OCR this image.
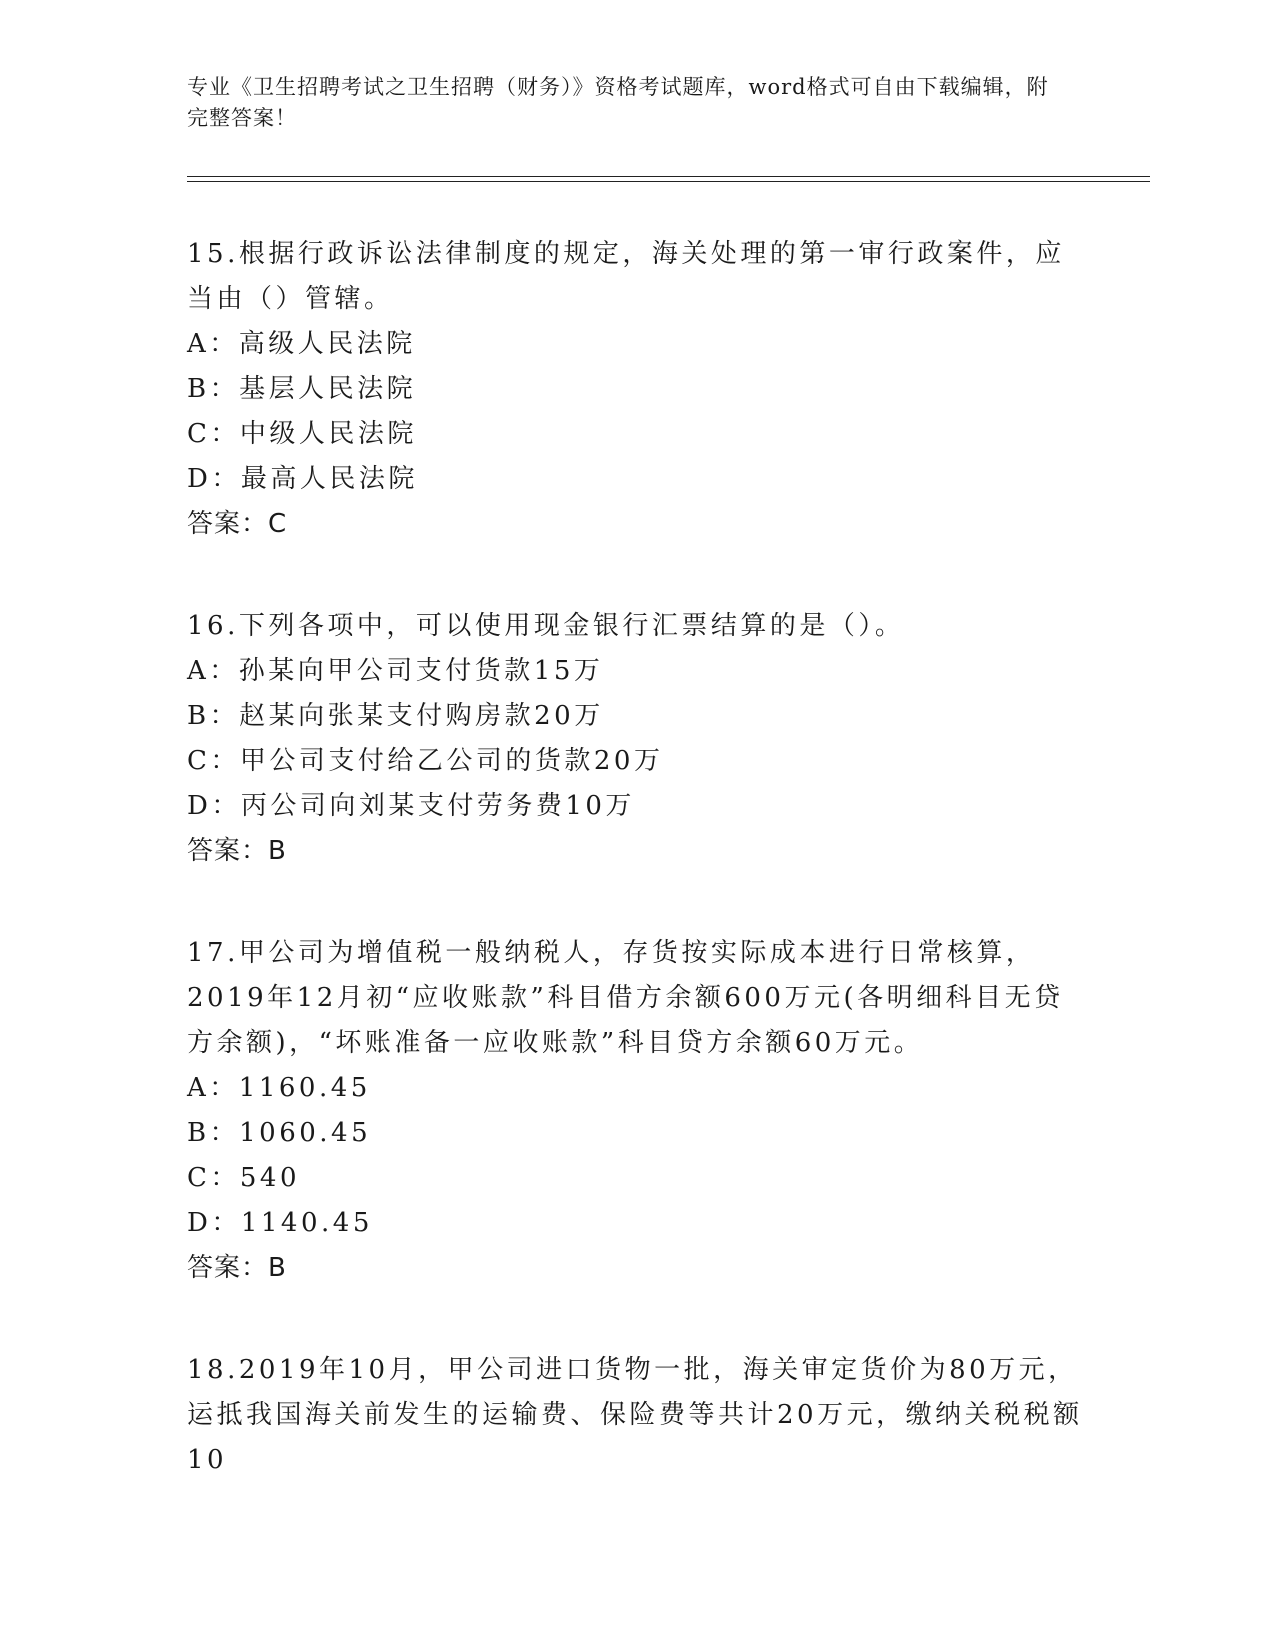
专业《卫生招聘考试之卫生招聘（财务）》资格考试题库，word格式可自由下载编辑，附完整答案！

15.根据行政诉讼法律制度的规定，海关处理的第一审行政案件，应当由（）管辖。

A：高级人民法院

B：基层人民法院

C：中级人民法院

D：最高人民法院

答案：C

16.下列各项中，可以使用现金银行汇票结算的是（）。

A：孙某向甲公司支付货款15万

B：赵某向张某支付购房款20万

C：甲公司支付给乙公司的货款20万

D：丙公司向刘某支付劳务费10万

答案：B

17.甲公司为增值税一般纳税人，存货按实际成本进行日常核算，2019年12月初“应收账款”科目借方余额600万元(各明细科目无贷方余额)，“坏账准备一应收账款”科目贷方余额60万元。

A：1160.45

B：1060.45

C：540

D：1140.45

答案：B

18.2019年10月，甲公司进口货物一批，海关审定货价为80万元，运抵我国海关前发生的运输费、保险费等共计20万元，缴纳关税税额10
